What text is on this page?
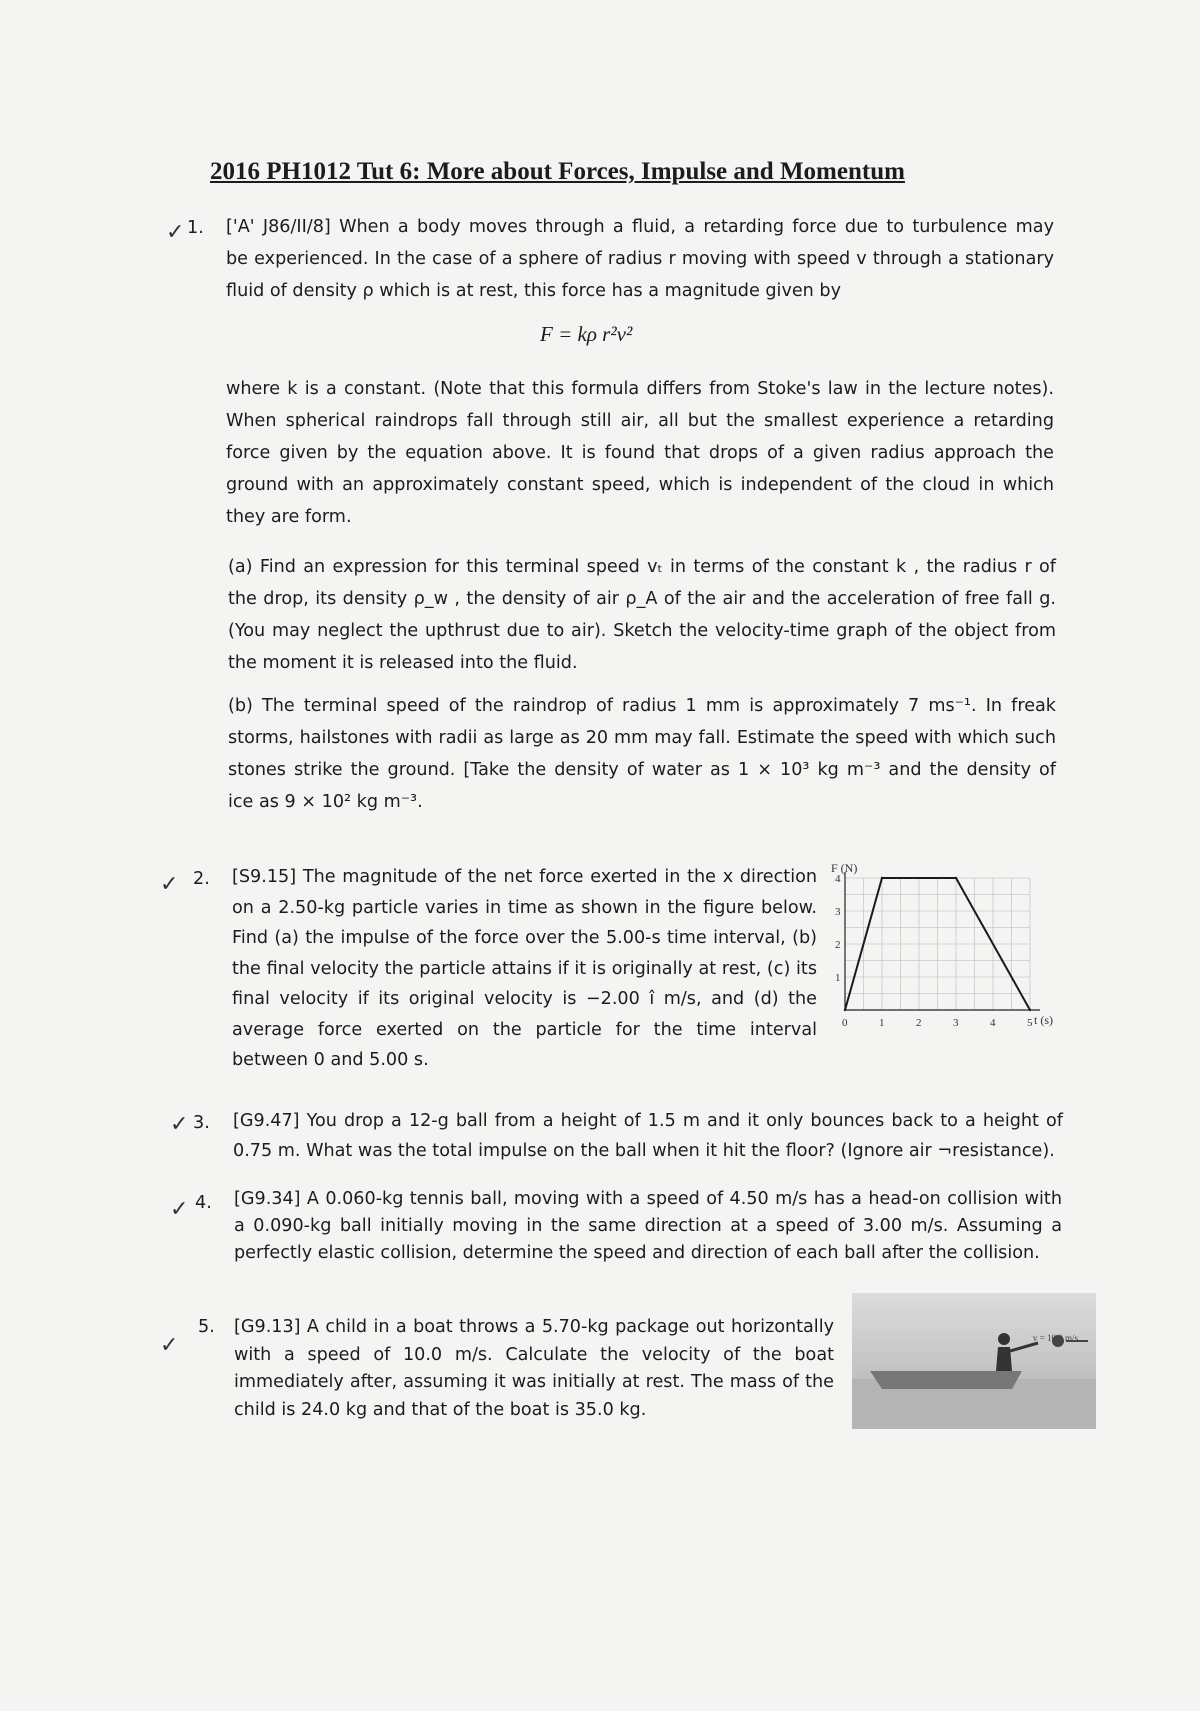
2016 PH1012 Tut 6: More about Forces, Impulse and Momentum
✓ 1. ['A' J86/II/8] When a body moves through a fluid, a retarding force due to turbulence may

be experienced. In the case of a sphere of radius r moving with speed v through a stationary

fluid of density ρ which is at rest, this force has a magnitude given by

F = kρ r²v²

where k is a constant. (Note that this formula differs from Stoke's law in the lecture notes).

When spherical raindrops fall through still air, all but the smallest experience a retarding

force given by the equation above. It is found that drops of a given radius approach the

ground with an approximately constant speed, which is independent of the cloud in which

they are form.

(a) Find an expression for this terminal speed vₜ in terms of the constant k , the radius r of

the drop, its density ρ_w , the density of air ρ_A of the air and the acceleration of free fall g.

(You may neglect the upthrust due to air). Sketch the velocity-time graph of the object from

the moment it is released into the fluid.

(b) The terminal speed of the raindrop of radius 1 mm is approximately 7 ms⁻¹. In freak

storms, hailstones with radii as large as 20 mm may fall. Estimate the speed with which such

stones strike the ground. [Take the density of water as 1 × 10³ kg m⁻³ and the density of

ice as 9 × 10² kg m⁻³.

✓ 2. [S9.15] The magnitude of the net force exerted in the x direction

on a 2.50-kg particle varies in time as shown in the figure below.

Find (a) the impulse of the force over the 5.00-s time interval, (b)

the final velocity the particle attains if it is originally at rest, (c) its

final velocity if its original velocity is −2.00 î m/s, and (d) the

average force exerted on the particle for the time interval

between 0 and 5.00 s.

0	1	2	3	4	5
1
2
3
4
F (N)
t (s)
✓ 3. [G9.47] You drop a 12-g ball from a height of 1.5 m and it only bounces back to a height of

0.75 m. What was the total impulse on the ball when it hit the floor? (Ignore air ¬resistance).

✓ 4. [G9.34] A 0.060-kg tennis ball, moving with a speed of 4.50 m/s has a head-on collision with

a 0.090-kg ball initially moving in the same direction at a speed of 3.00 m/s. Assuming a

perfectly elastic collision, determine the speed and direction of each ball after the collision.

✓
5. [G9.13] A child in a boat throws a 5.70-kg package out horizontally

with a speed of 10.0 m/s. Calculate the velocity of the boat

immediately after, assuming it was initially at rest. The mass of the

child is 24.0 kg and that of the boat is 35.0 kg.

v = 10.0 m/s
